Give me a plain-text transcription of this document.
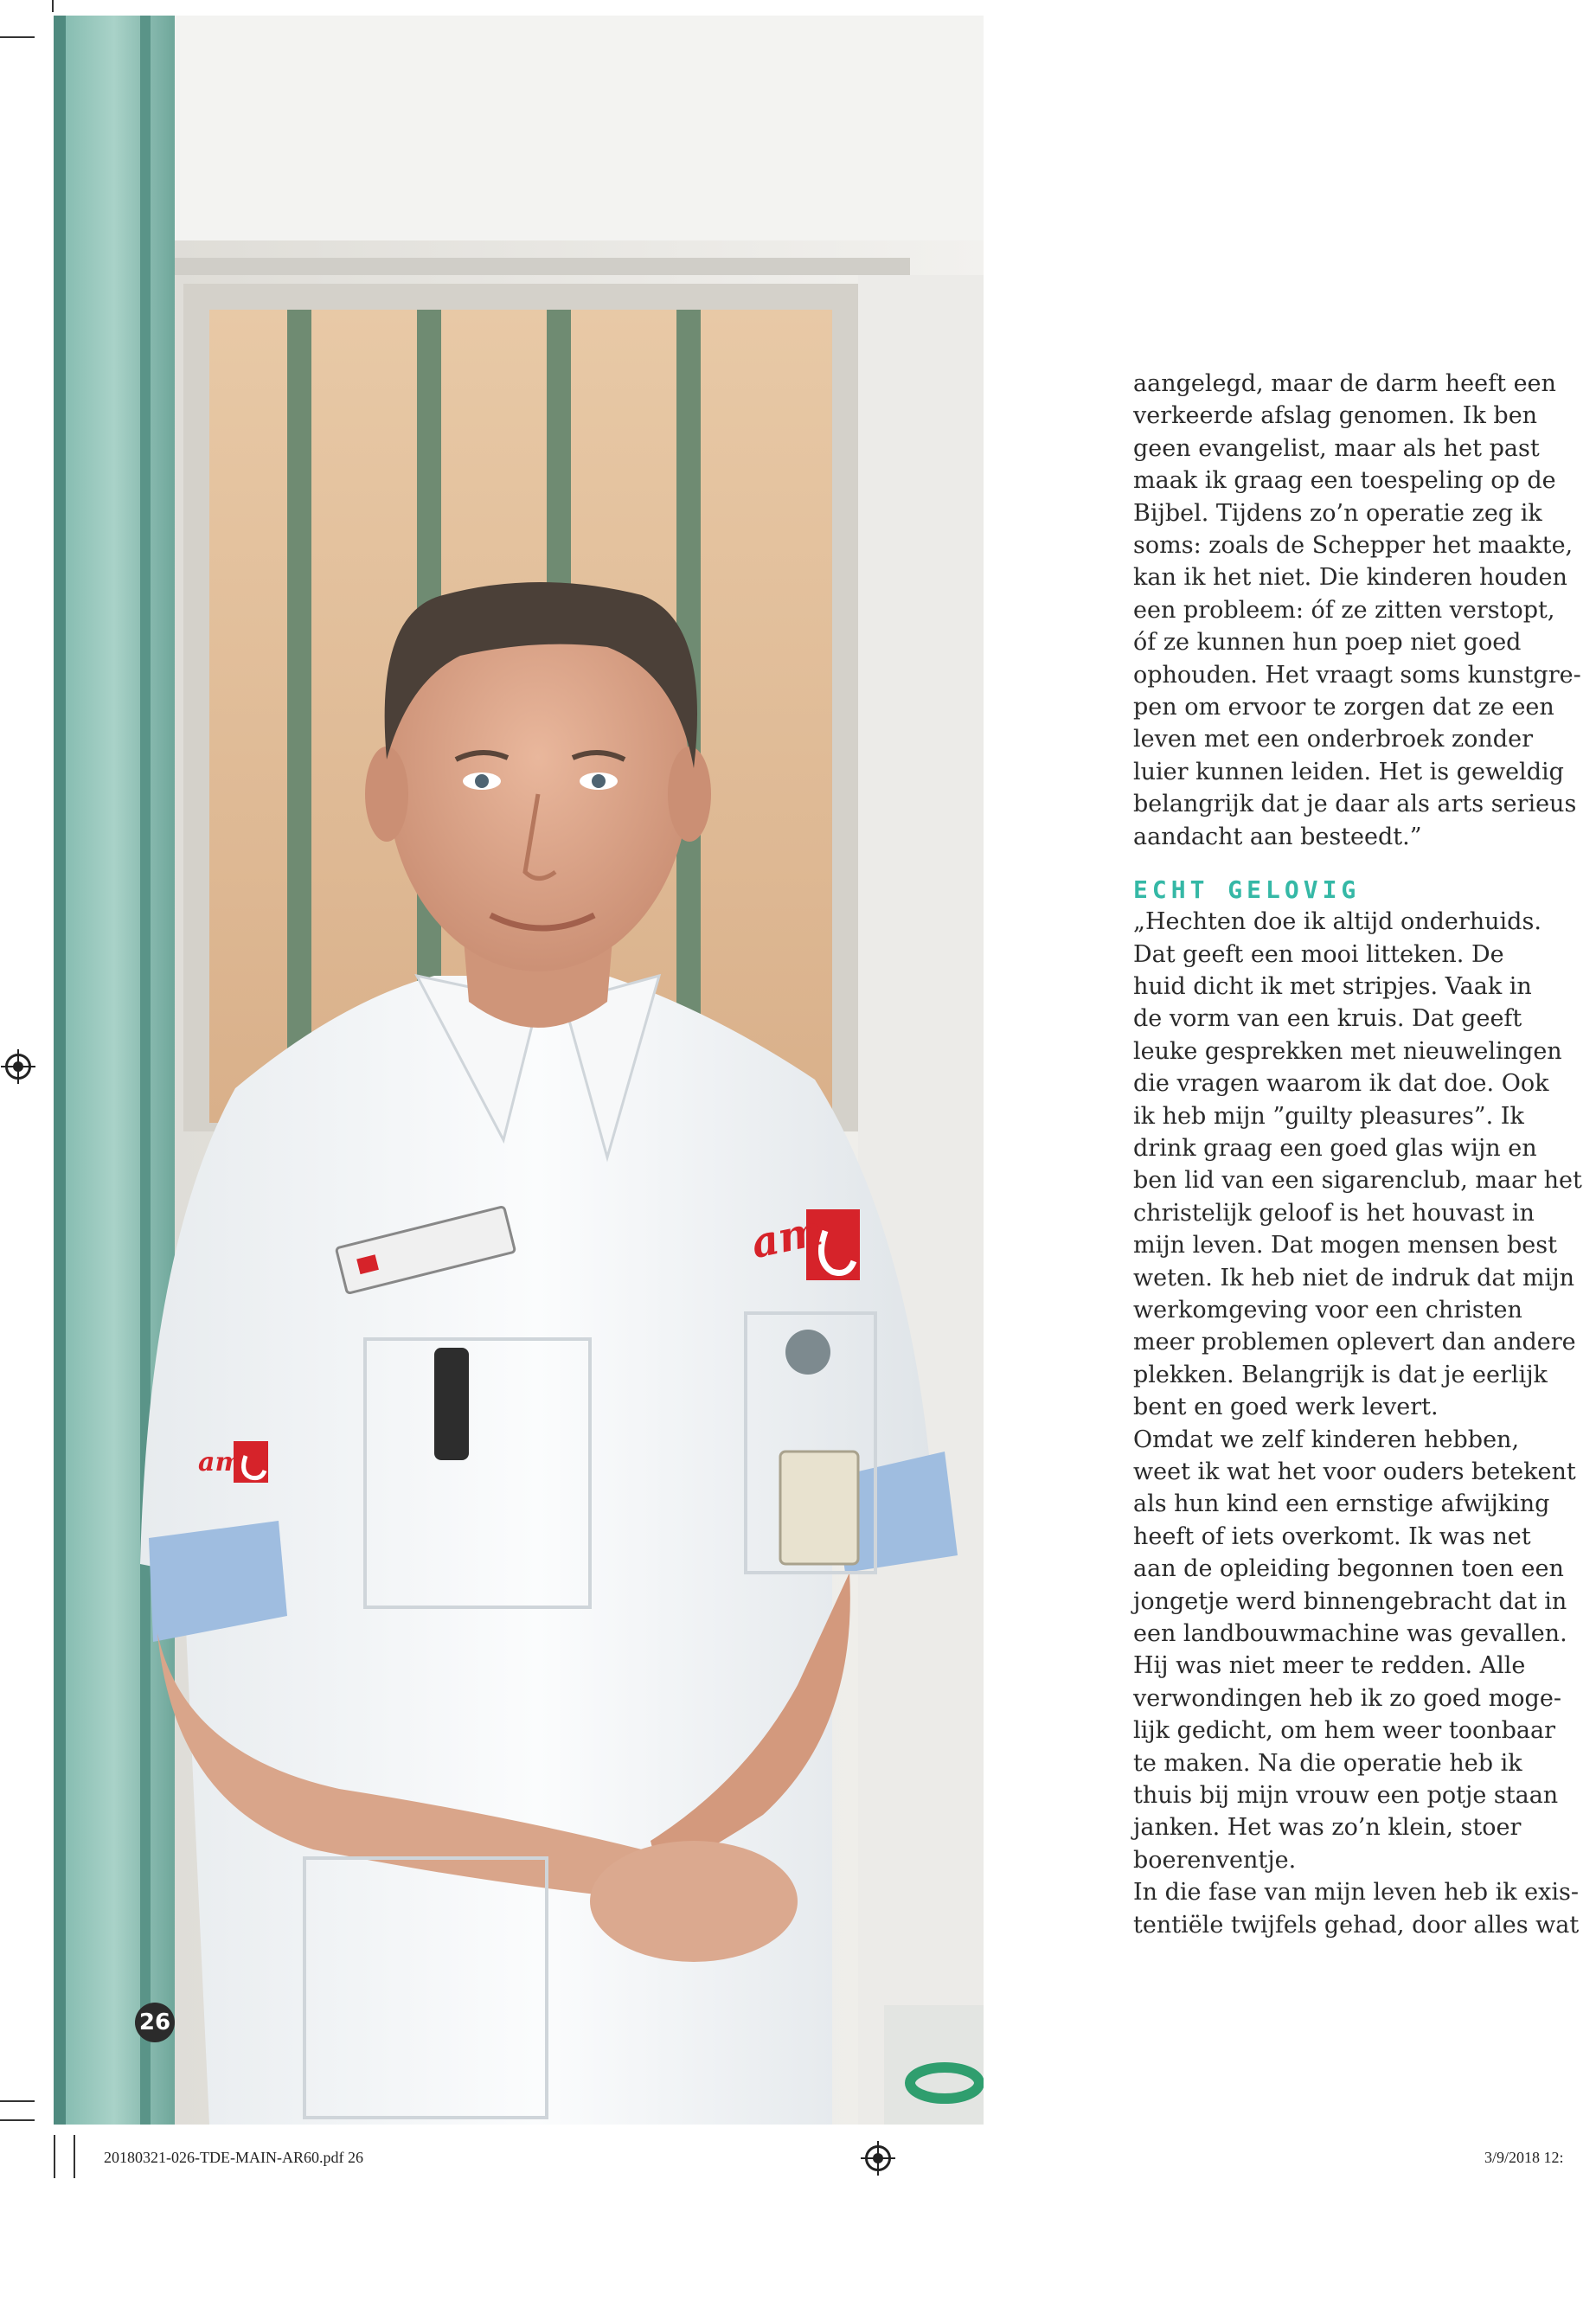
am
am
26

aangelegd, maar de darm heeft een
verkeerde afslag genomen. Ik ben
geen evangelist, maar als het past
maak ik graag een toespeling op de
Bijbel. Tijdens zo’n operatie zeg ik
soms: zoals de Schepper het maakte,
kan ik het niet. Die kinderen houden
een probleem: óf ze zitten verstopt,
óf ze kunnen hun poep niet goed
ophouden. Het vraagt soms kunstgre-
pen om ervoor te zorgen dat ze een
leven met een onderbroek zonder
luier kunnen leiden. Het is geweldig
belangrijk dat je daar als arts serieus
aandacht aan besteedt.”

ECHT GELOVIG

„Hechten doe ik altijd onderhuids.
Dat geeft een mooi litteken. De
huid dicht ik met stripjes. Vaak in
de vorm van een kruis. Dat geeft
leuke gesprekken met nieuwelingen
die vragen waarom ik dat doe. Ook
ik heb mijn ”guilty pleasures”. Ik
drink graag een goed glas wijn en
ben lid van een sigarenclub, maar het
christelijk geloof is het houvast in
mijn leven. Dat mogen mensen best
weten. Ik heb niet de indruk dat mijn
werkomgeving voor een christen
meer problemen oplevert dan andere
plekken. Belangrijk is dat je eerlijk
bent en goed werk levert.
Omdat we zelf kinderen hebben,
weet ik wat het voor ouders betekent
als hun kind een ernstige afwijking
heeft of iets overkomt. Ik was net
aan de opleiding begonnen toen een
jongetje werd binnengebracht dat in
een landbouwmachine was gevallen.
Hij was niet meer te redden. Alle
verwondingen heb ik zo goed moge-
lijk gedicht, om hem weer toonbaar
te maken. Na die operatie heb ik
thuis bij mijn vrouw een potje staan
janken. Het was zo’n klein, stoer
boerenventje.
In die fase van mijn leven heb ik exis-
tentiële twijfels gehad, door alles wat

20180321-026-TDE-MAIN-AR60.pdf 26	3/9/2018 12:
